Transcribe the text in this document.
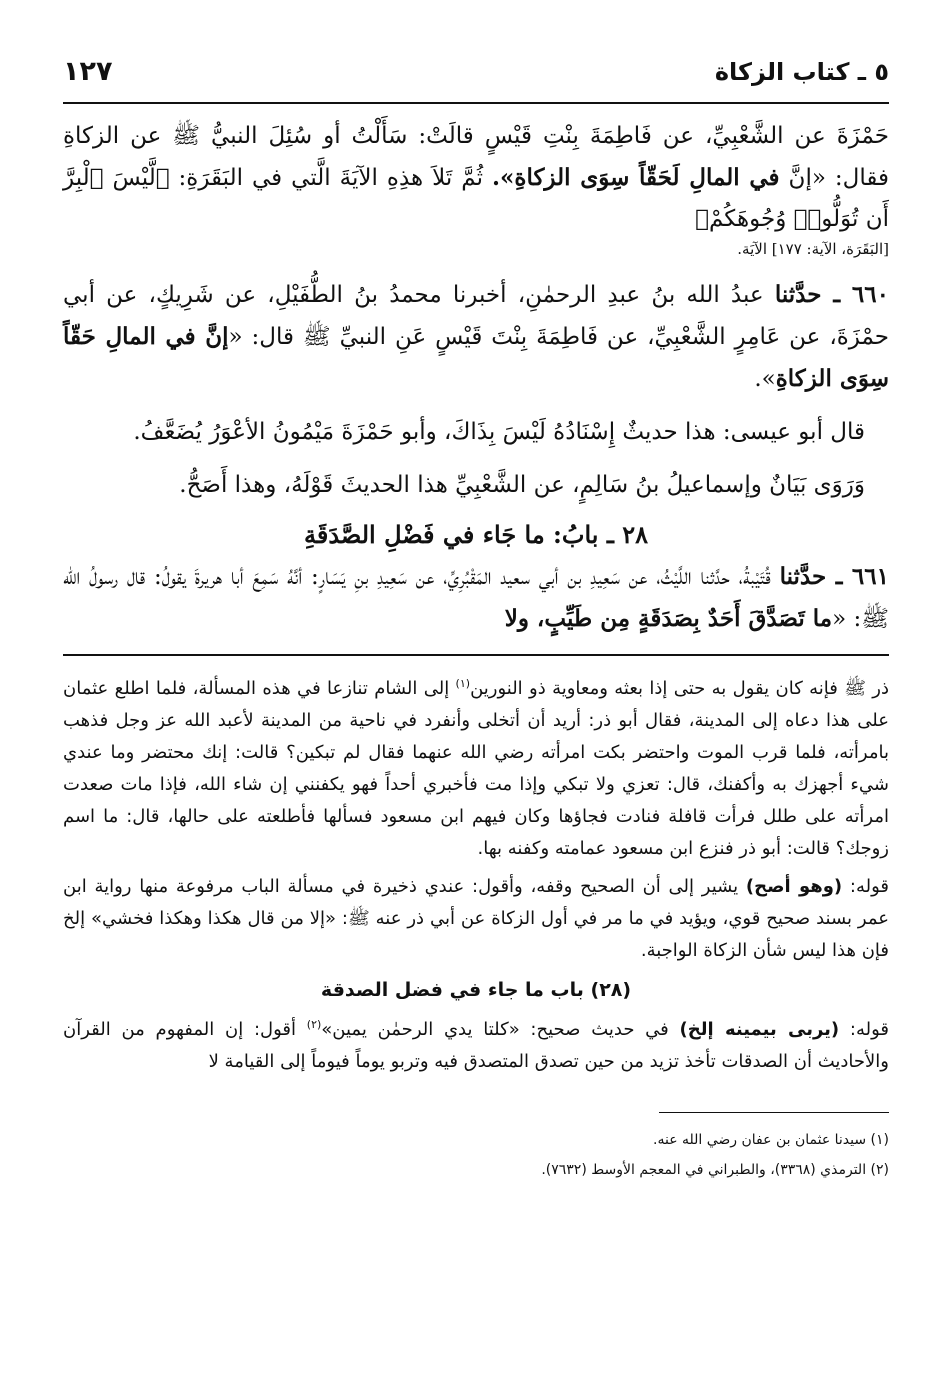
٥ ـ كتاب الزكاة
١٢٧

حَمْزَةَ عن الشَّعْبِيِّ، عن فَاطِمَةَ بِنْتِ قَيْسٍ قالَتْ: سَأَلْتُ أو سُئِلَ النبيُّ ﷺ عن الزكاةِ فقال: «إنَّ في المالِ لَحَقّاً سِوَى الزكاةِ». ثُمَّ تَلاَ هذِهِ الآيَةَ الَّتي في البَقَرَةِ: ﴿لَّيْسَ ٱلْبِرَّ أَن تُوَلُّوا۟ وُجُوهَكُمْ﴾

[البَقَرَة، الآية: ١٧٧] الآيَة.

٦٦٠ ـ حدَّثنا عبدُ الله بنُ عبدِ الرحمٰنِ، أخبرنا محمدُ بنُ الطُّفَيْلِ، عن شَرِيكٍ، عن أبي حمْزَةَ، عن عَامِرٍ الشَّعْبِيِّ، عن فَاطِمَةَ بِنْتَ قَيْسٍ عَنِ النبيِّ ﷺ قال: «إنَّ في المالِ حَقّاً سِوَى الزكاةِ».

قال أبو عيسى: هذا حديثٌ إِسْنَادُهُ لَيْسَ بِذَاكَ، وأبو حَمْزَةَ مَيْمُونُ الأعْوَرُ يُضَعَّفُ.

وَرَوَى بَيَانٌ وإسماعيلُ بنُ سَالِمٍ، عن الشَّعْبِيِّ هذا الحديثَ قَوْلَهُ، وهذا أَصَحُّ.

٢٨ ـ بابُ: ما جَاء في فَضْلِ الصَّدَقَةِ

٦٦١ ـ حدَّثنا قُتَيْبةُ، حدَّثنا اللَّيْثُ، عن سَعِيدِ بن أبي سعيد المَقْبُرِيِّ، عن سَعِيدِ بنِ يَسَارٍ: أنَّهُ سَمِعَ أبا هريرةَ يقولُ: قال رسولُ الله ﷺ: «ما تَصَدَّقَ أَحَدٌ بِصَدَقَةٍ مِن طَيِّبٍ، ولا

ذر ﷺ فإنه كان يقول به حتى إذا بعثه ومعاوية ذو النورين$^{(١)}$ إلى الشام تنازعا في هذه المسألة، فلما اطلع عثمان على هذا دعاه إلى المدينة، فقال أبو ذر: أريد أن أتخلى وأنفرد في ناحية من المدينة لأعبد الله عز وجل فذهب بامرأته، فلما قرب الموت واحتضر بكت امرأته رضي الله عنهما فقال لم تبكين؟ قالت: إنك محتضر وما عندي شيء أجهزك به وأكفنك، قال: تعزي ولا تبكي وإذا مت فأخبري أحداً فهو يكفنني إن شاء الله، فإذا مات صعدت امرأته على طلل فرأت قافلة فنادت فجاؤها وكان فيهم ابن مسعود فسألها فأطلعته على حالها، قال: ما اسم زوجك؟ قالت: أبو ذر فنزع ابن مسعود عمامته وكفنه بها.

قوله: (وهو أصح) يشير إلى أن الصحيح وقفه، وأقول: عندي ذخيرة في مسألة الباب مرفوعة منها رواية ابن عمر بسند صحيح قوي، ويؤيد في ما مر في أول الزكاة عن أبي ذر عنه ﷺ: «إلا من قال هكذا وهكذا فخشي» إلخ فإن هذا ليس شأن الزكاة الواجبة.

(٢٨) باب ما جاء في فضل الصدقة

قوله: (يربى بيمينه إلخ) في حديث صحيح: «كلتا يدي الرحمٰن يمين»$^{(٢)}$ أقول: إن المفهوم من القرآن والأحاديث أن الصدقات تأخذ تزيد من حين تصدق المتصدق فيه وتربو يوماً فيوماً إلى القيامة لا

(١) سيدنا عثمان بن عفان رضي الله عنه.

(٢) الترمذي (٣٣٦٨)، والطبراني في المعجم الأوسط (٧٦٣٢).
